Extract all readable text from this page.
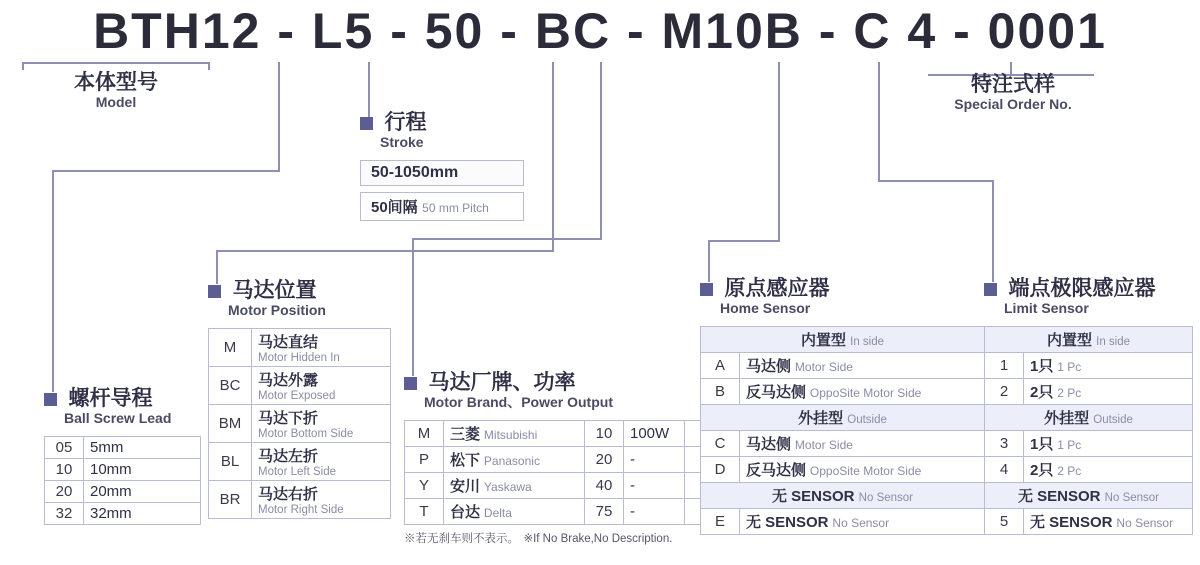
BTH12 - L5 - 50 - BC - M10B - C 4 - 0001
本体型号
Model
特注式样
Special Order No.
行程
Stroke
50-1050mm
50间隔 50 mm Pitch
螺杆导程
Ball Screw Lead
05	5mm
10	10mm
20	20mm
32	32mm
马达位置
Motor Position
M	马达直结
Motor Hidden In

BC	马达外露
Motor Exposed

BM	马达下折
Motor Bottom Side

BL	马达左折
Motor Left Side

BR	马达右折
Motor Right Side
马达厂牌、功率
Motor Brand、Power Output
M	三菱 Mitsubishi	10	100W	
P	松下 Panasonic	20	-	
Y	安川 Yaskawa	40	-	
T	台达 Delta	75	-	
※若无刹车则不表示。 ※If No Brake,No Description.
原点感应器
Home Sensor
内置型 In side	
A	马达侧 Motor Side
B	反马达侧 OppoSite Motor Side
外挂型 Outside	
C	马达侧 Motor Side
D	反马达侧 OppoSite Motor Side
无 SENSOR No Sensor	
E	无 SENSOR No Sensor
端点极限感应器
Limit Sensor
内置型 In side	
1	1只 1 Pc
2	2只 2 Pc
外挂型 Outside	
3	1只 1 Pc
4	2只 2 Pc
无 SENSOR No Sensor	
5	无 SENSOR No Sensor
